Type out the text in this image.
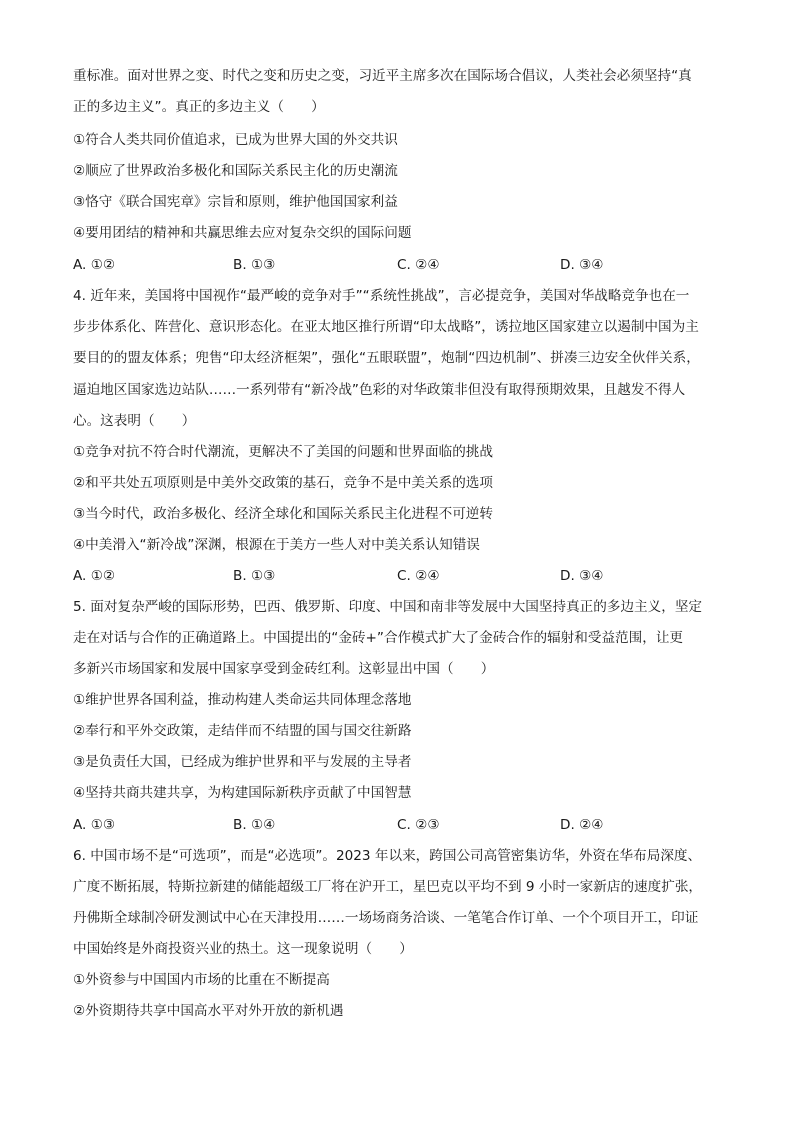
重标准。面对世界之变、时代之变和历史之变，习近平主席多次在国际场合倡议，人类社会必须坚持“真
正的多边主义”。真正的多边主义（　　）
①符合人类共同价值追求，已成为世界大国的外交共识
②顺应了世界政治多极化和国际关系民主化的历史潮流
③恪守《联合国宪章》宗旨和原则，维护他国国家利益
④要用团结的精神和共赢思维去应对复杂交织的国际问题
A. ①②	B. ①③	C. ②④	D. ③④
4. 近年来，美国将中国视作“最严峻的竞争对手”“系统性挑战”，言必提竞争，美国对华战略竞争也在一
步步体系化、阵营化、意识形态化。在亚太地区推行所谓“印太战略”，诱拉地区国家建立以遏制中国为主
要目的的盟友体系；兜售“印太经济框架”，强化“五眼联盟”，炮制“四边机制”、拼凑三边安全伙伴关系，
逼迫地区国家选边站队……一系列带有“新冷战”色彩的对华政策非但没有取得预期效果，且越发不得人
心。这表明（　　）
①竞争对抗不符合时代潮流，更解决不了美国的问题和世界面临的挑战
②和平共处五项原则是中美外交政策的基石，竞争不是中美关系的选项
③当今时代，政治多极化、经济全球化和国际关系民主化进程不可逆转
④中美滑入“新冷战”深渊，根源在于美方一些人对中美关系认知错误
A. ①②	B. ①③	C. ②④	D. ③④
5. 面对复杂严峻的国际形势，巴西、俄罗斯、印度、中国和南非等发展中大国坚持真正的多边主义，坚定
走在对话与合作的正确道路上。中国提出的“金砖+”合作模式扩大了金砖合作的辐射和受益范围，让更
多新兴市场国家和发展中国家享受到金砖红利。这彰显出中国（　　）
①维护世界各国利益，推动构建人类命运共同体理念落地
②奉行和平外交政策，走结伴而不结盟的国与国交往新路
③是负责任大国，已经成为维护世界和平与发展的主导者
④坚持共商共建共享，为构建国际新秩序贡献了中国智慧
A. ①③	B. ①④	C. ②③	D. ②④
6. 中国市场不是“可选项”，而是“必选项”。2023 年以来，跨国公司高管密集访华，外资在华布局深度、
广度不断拓展，特斯拉新建的储能超级工厂将在沪开工，星巴克以平均不到 9 小时一家新店的速度扩张，
丹佛斯全球制冷研发测试中心在天津投用……一场场商务洽谈、一笔笔合作订单、一个个项目开工，印证
中国始终是外商投资兴业的热土。这一现象说明（　　）
①外资参与中国国内市场的比重在不断提高
②外资期待共享中国高水平对外开放的新机遇
